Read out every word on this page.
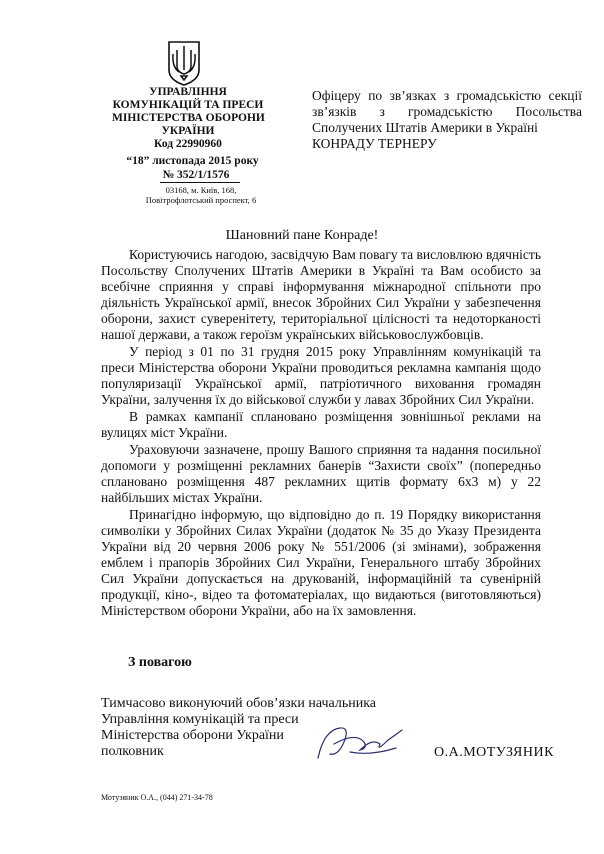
УПРАВЛІННЯ
КОМУНІКАЦІЙ ТА ПРЕСИ
МІНІСТЕРСТВА ОБОРОНИ
УКРАЇНИ
Код 22990960
“18” листопада 2015 року
№ 352/1/1576
03168, м. Київ, 168,
Повітрофлотський проспект, 6
Офіцеру по зв’язках з громадськістю секції
зв’язків з громадськістю Посольства
Сполучених Штатів Америки в Україні
КОНРАДУ ТЕРНЕРУ
Шановний пане Конраде!

Користуючись нагодою, засвідчую Вам повагу та висловлюю вдячність Посольству Сполучених Штатів Америки в Україні та Вам особисто за всебічне сприяння у справі інформування міжнародної спільноти про діяльність Української армії, внесок Збройних Сил України у забезпечення оборони, захист суверенітету, територіальної цілісності та недоторканості нашої держави, а також героїзм українських військовослужбовців.

У період з 01 по 31 грудня 2015 року Управлінням комунікацій та преси Міністерства оборони України проводиться рекламна кампанія щодо популяризації Української армії, патріотичного виховання громадян України, залучення їх до військової служби у лавах Збройних Сил України.

В рамках кампанії сплановано розміщення зовнішньої реклами на вулицях міст України.

Ураховуючи зазначене, прошу Вашого сприяння та надання посильної допомоги у розміщенні рекламних банерів “Захисти своїх” (попередньо сплановано розміщення 487 рекламних щитів формату 6х3 м) у 22 найбільших містах України.

Принагідно інформую, що відповідно до п. 19 Порядку використання символіки у Збройних Силах України (додаток № 35 до Указу Президента України від 20 червня 2006 року № 551/2006 (зі змінами), зображення емблем і прапорів Збройних Сил України, Генерального штабу Збройних Сил України допускається на друкованій, інформаційній та сувенірній продукції, кіно-, відео та фотоматеріалах, що видаються (виготовляються) Міністерством оборони України, або на їх замовлення.

З повагою
Тимчасово виконуючий обов’язки начальника
Управління комунікацій та преси
Міністерства оборони України
полковник	О.А.МОТУЗЯНИК
Мотузяник О.А., (044) 271-34-78
